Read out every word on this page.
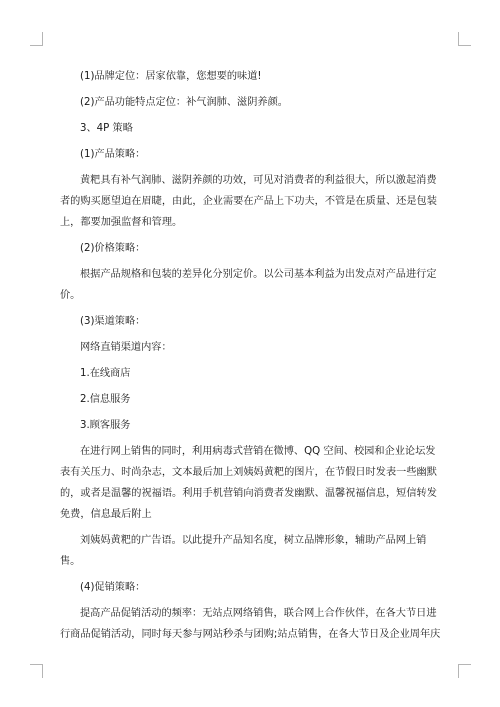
(1)品牌定位：居家依靠，您想要的味道!

(2)产品功能特点定位：补气润肺、滋阴养颜。

3、4P 策略

(1)产品策略：

黄粑具有补气润肺、滋阴养颜的功效，可见对消费者的利益很大，所以激起消费者的购买愿望迫在眉睫，由此，企业需要在产品上下功夫，不管是在质量、还是包装上，都要加强监督和管理。

(2)价格策略：

根据产品规格和包装的差异化分别定价。以公司基本利益为出发点对产品进行定价。

(3)渠道策略：

网络直销渠道内容：

1.在线商店

2.信息服务

3.顾客服务

在进行网上销售的同时，利用病毒式营销在微博、QQ 空间、校园和企业论坛发表有关压力、时尚杂志，文本最后加上刘姨妈黄粑的图片，在节假日时发表一些幽默的，或者是温馨的祝福语。利用手机营销向消费者发幽默、温馨祝福信息，短信转发免费，信息最后附上

刘姨妈黄粑的广告语。以此提升产品知名度，树立品牌形象，辅助产品网上销售。

(4)促销策略：

提高产品促销活动的频率：无站点网络销售，联合网上合作伙伴，在各大节日进行商品促销活动，同时每天参与网站秒杀与团购;站点销售，在各大节日及企业周年庆
